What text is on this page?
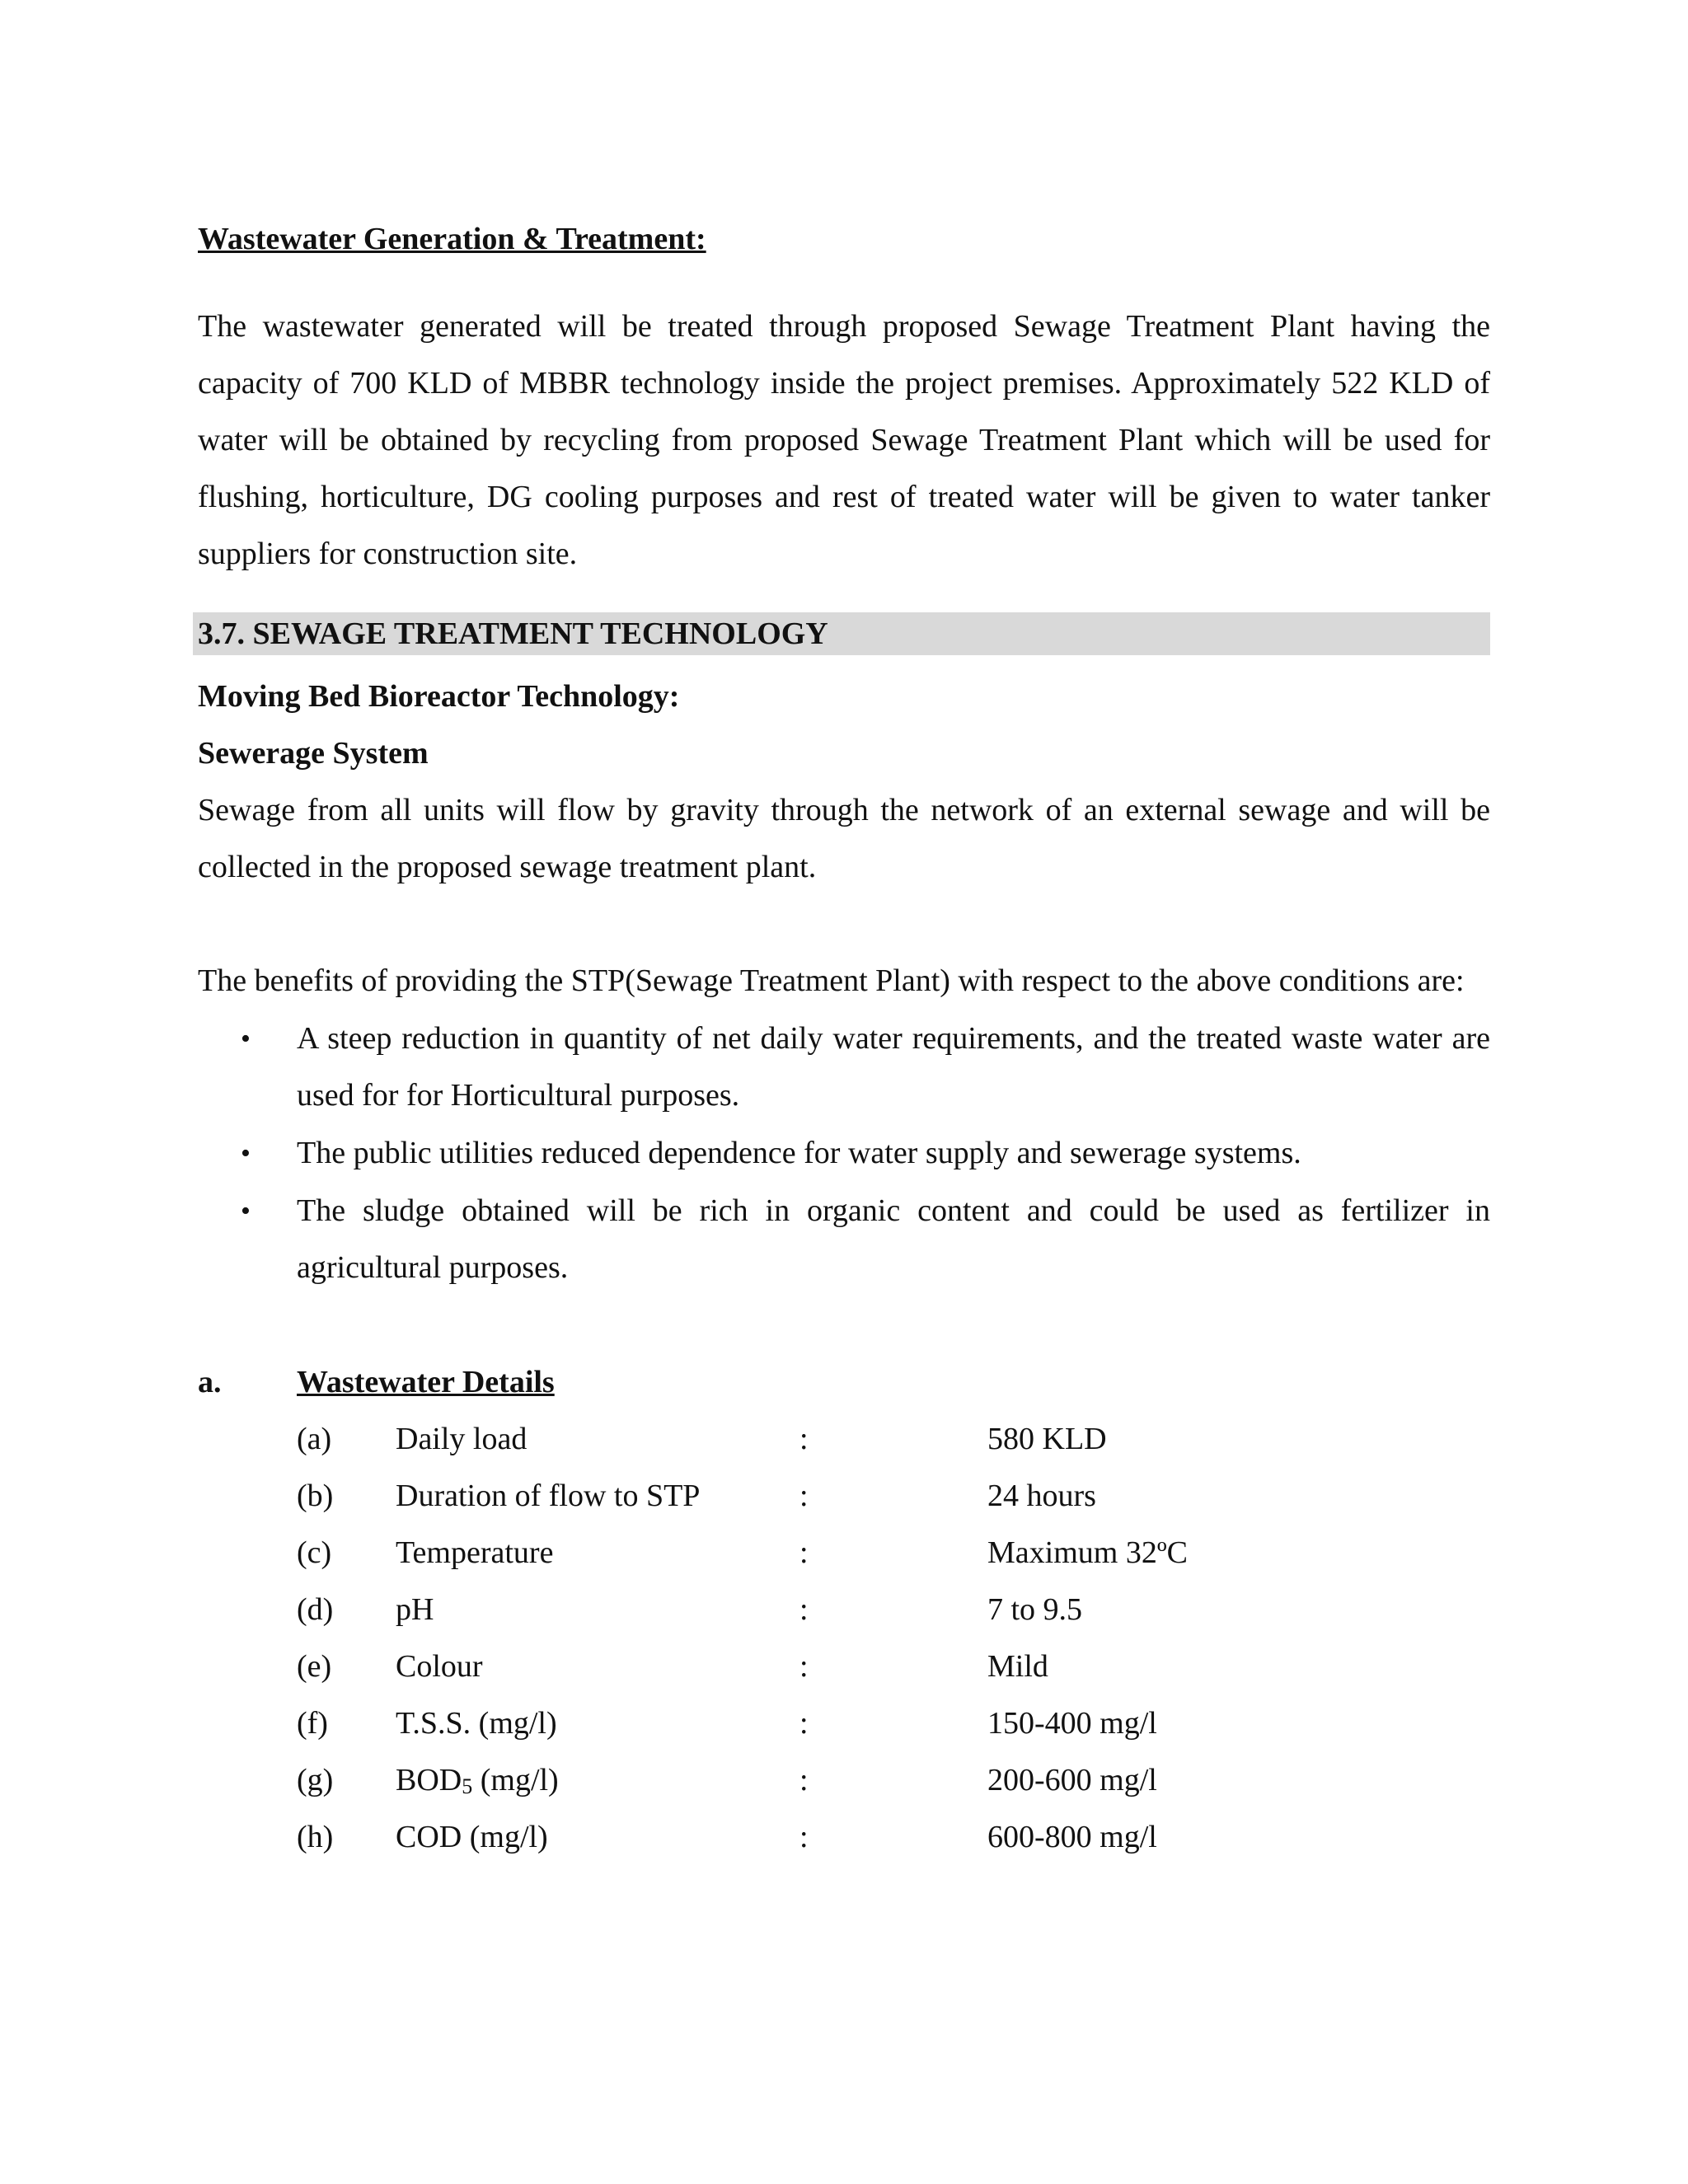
Wastewater Generation & Treatment:

The wastewater generated will be treated through proposed Sewage Treatment Plant having the capacity of 700 KLD of MBBR technology inside the project premises. Approximately 522 KLD of water will be obtained by recycling from proposed Sewage Treatment Plant which will be used for flushing, horticulture, DG cooling purposes and rest of treated water will be given to water tanker suppliers for construction site.

3.7. SEWAGE TREATMENT TECHNOLOGY

Moving Bed Bioreactor Technology:

Sewerage System

Sewage from all units will flow by gravity through the network of an external sewage and will be collected in the proposed sewage treatment plant.

The benefits of providing the STP(Sewage Treatment Plant) with respect to the above conditions are:

• A steep reduction in quantity of net daily water requirements, and the treated waste water are used for for Horticultural purposes.
• The public utilities reduced dependence for water supply and sewerage systems.
• The sludge obtained will be rich in organic content and could be used as fertilizer in agricultural purposes.
a. Wastewater Details
(a) Daily load	:	580 KLD
(b) Duration of flow to STP	:	24 hours
(c) Temperature	:	Maximum 32ºC
(d) pH	:	7 to 9.5
(e) Colour	:	Mild
(f) T.S.S. (mg/l)	:	150-400 mg/l
(g) $BOD_5$ (mg/l)	:	200-600 mg/l
(h) COD (mg/l)	:	600-800 mg/l
